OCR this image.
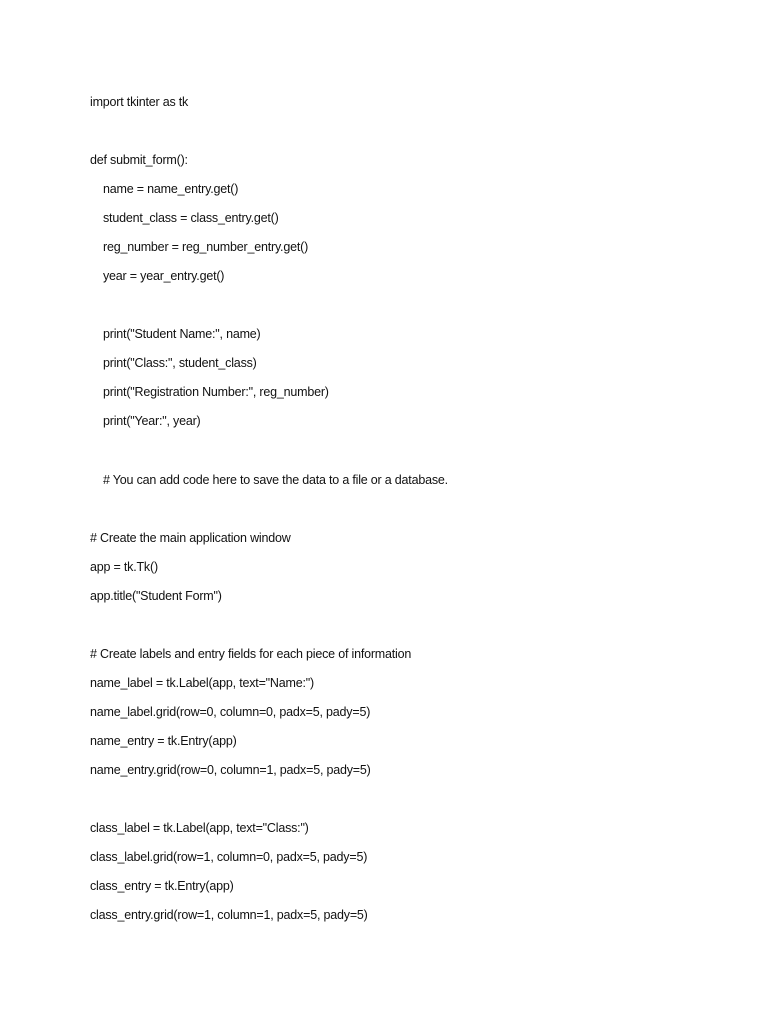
import tkinter as tk
def submit_form():
name = name_entry.get()
student_class = class_entry.get()
reg_number = reg_number_entry.get()
year = year_entry.get()
print("Student Name:", name)
print("Class:", student_class)
print("Registration Number:", reg_number)
print("Year:", year)
# You can add code here to save the data to a file or a database.
# Create the main application window
app = tk.Tk()
app.title("Student Form")
# Create labels and entry fields for each piece of information
name_label = tk.Label(app, text="Name:")
name_label.grid(row=0, column=0, padx=5, pady=5)
name_entry = tk.Entry(app)
name_entry.grid(row=0, column=1, padx=5, pady=5)
class_label = tk.Label(app, text="Class:")
class_label.grid(row=1, column=0, padx=5, pady=5)
class_entry = tk.Entry(app)
class_entry.grid(row=1, column=1, padx=5, pady=5)
